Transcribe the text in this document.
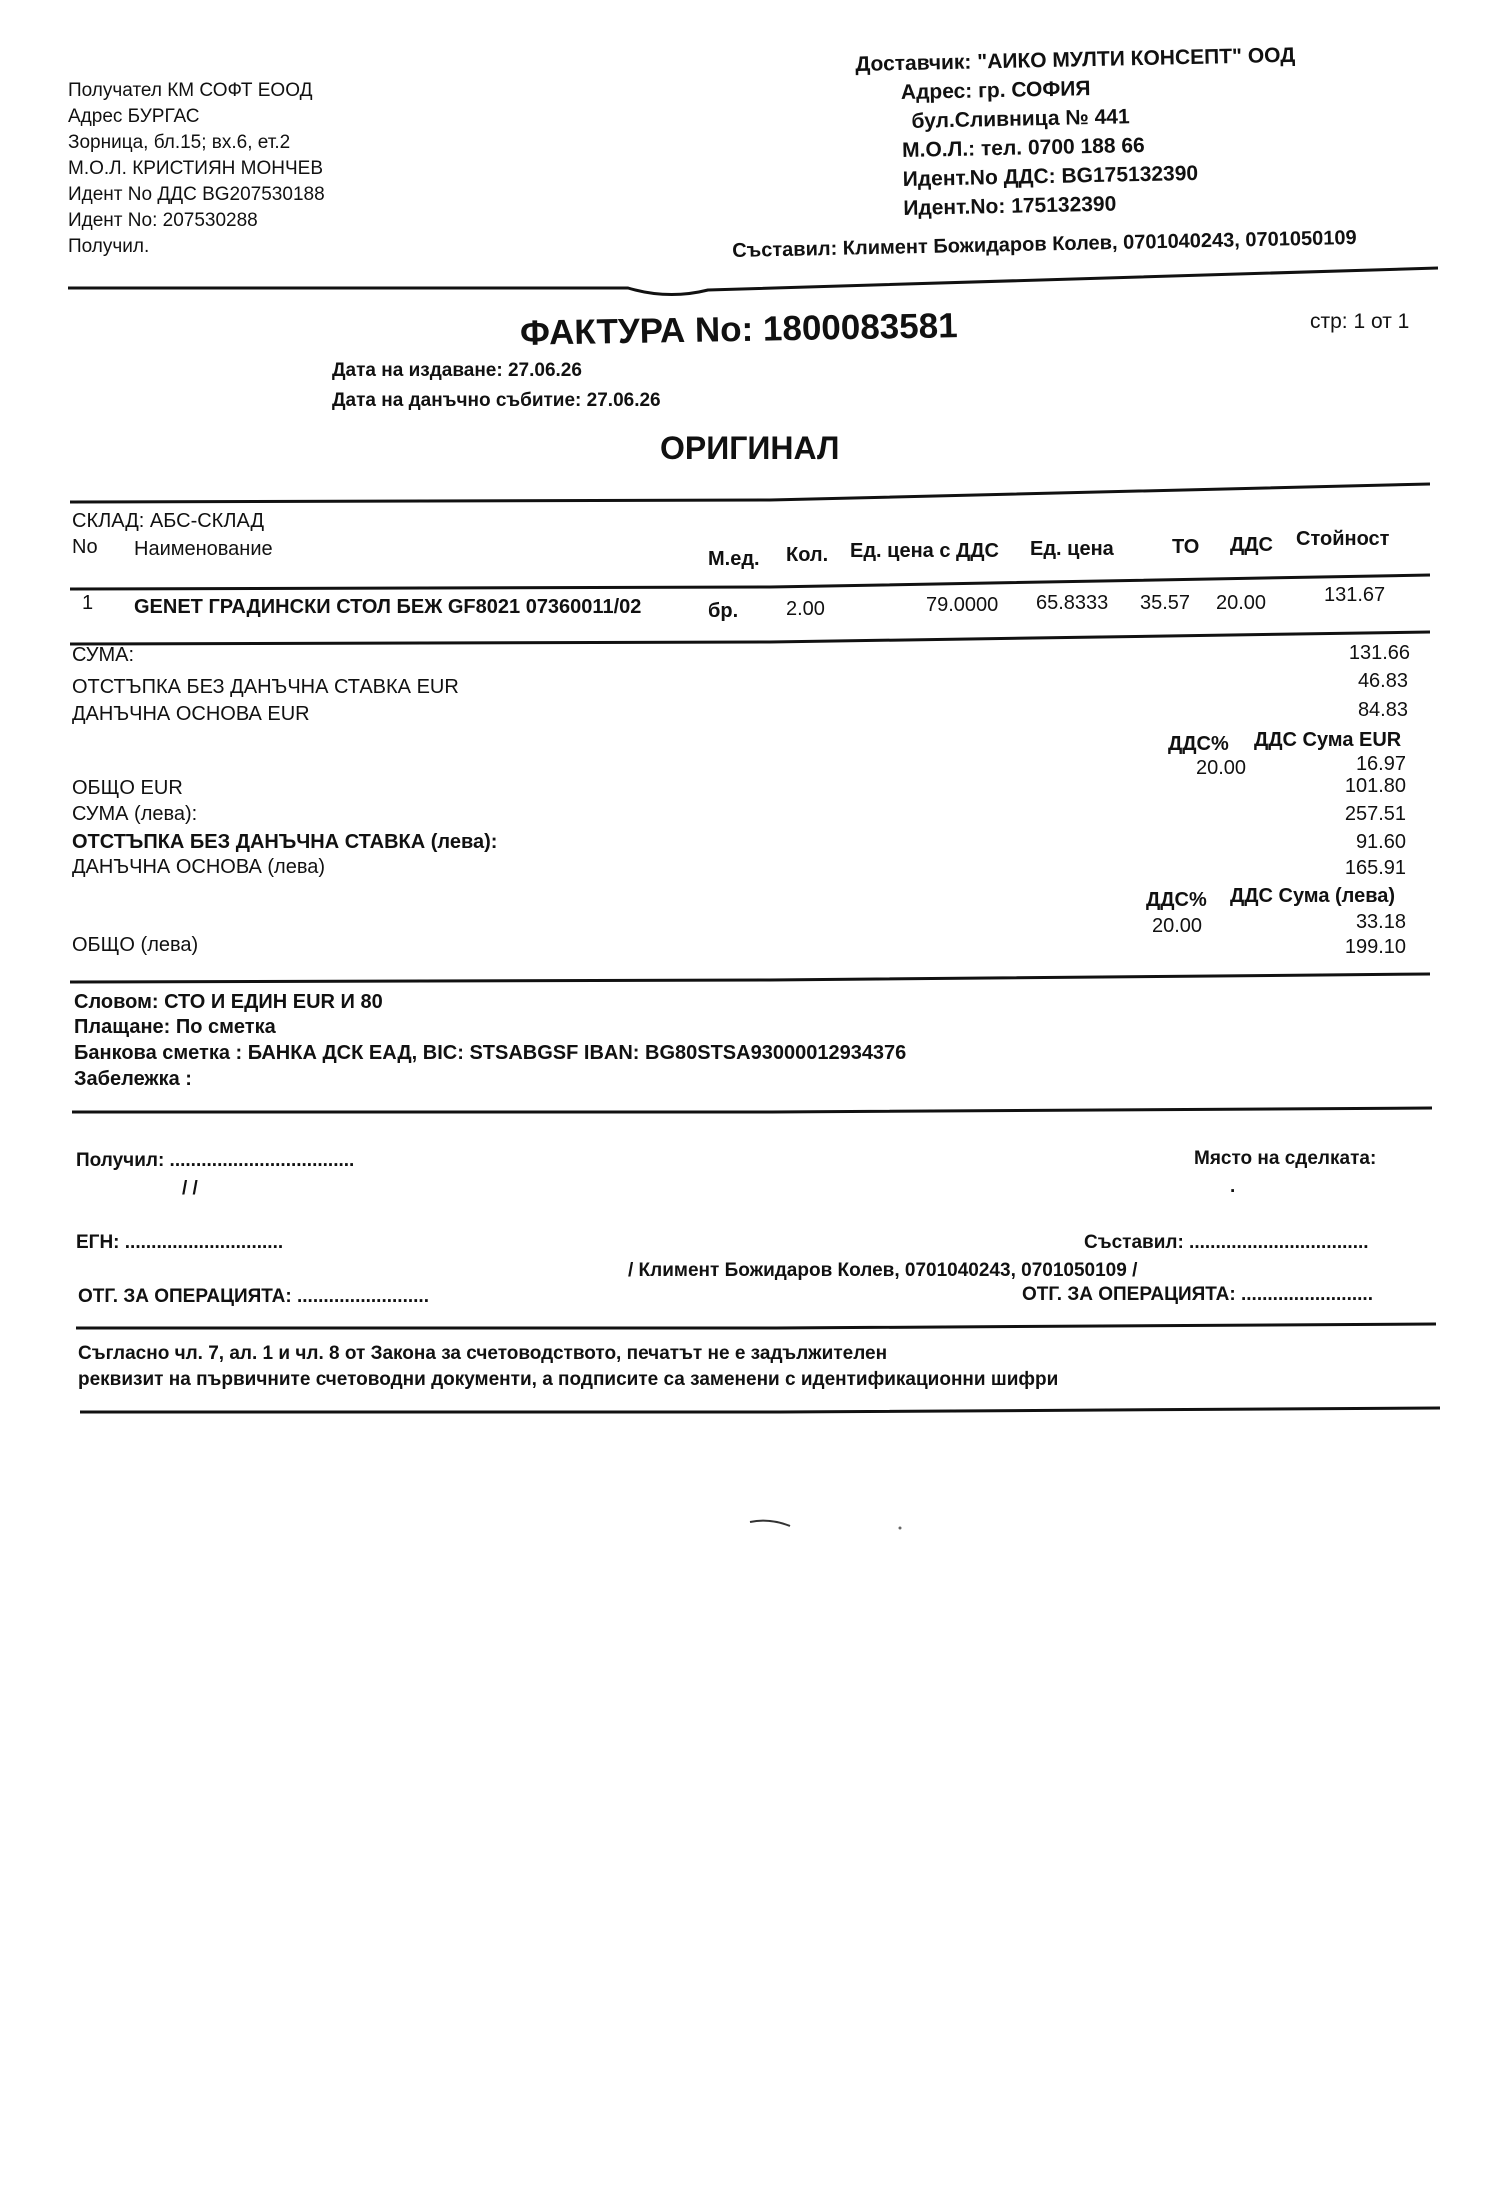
Получател КМ СОФТ ЕООД
Адрес БУРГАС
Зорница, бл.15; вх.6, ет.2
М.О.Л. КРИСТИЯН МОНЧЕВ
Идент No ДДС BG207530188
Идент No: 207530288
Получил.
Доставчик: "АИКО МУЛТИ КОНСЕПТ" ООД
Адрес: гр. СОФИЯ
бул.Сливница № 441
М.О.Л.: тел. 0700 188 66
Идент.No ДДС: BG175132390
Идент.No: 175132390
Съставил: Климент Божидаров Колев, 0701040243, 0701050109
ФАКТУРА No: 1800083581	стр: 1 от 1
Дата на издаване: 27.06.26
Дата на данъчно събитие: 27.06.26
ОРИГИНАЛ
СКЛАД: АБС-СКЛАД
No Наименование	М.ед. Кол. Ед. цена с ДДС Ед. цена	ТО ДДС Стойност
1 GENET ГРАДИНСКИ СТОЛ БЕЖ GF8021 07360011/02	бр. 2.00	79.0000 65.8333 35.57 20.00	131.67
СУМА:	131.66
ОТСТЪПКА БЕЗ ДАНЪЧНА СТАВКА EUR	46.83
ДАНЪЧНА ОСНОВА EUR	84.83
ДДС% ДДС Сума EUR
20.00	16.97
ОБЩО EUR	101.80
СУМА (лева):	257.51
ОТСТЪПКА БЕЗ ДАНЪЧНА СТАВКА (лева):	91.60
ДАНЪЧНА ОСНОВА (лева)	165.91
ДДС% ДДС Сума (лева)
20.00	33.18
ОБЩО (лева)	199.10
Словом: СТО И ЕДИН EUR И 80
Плащане: По сметка
Банкова сметка : БАНКА ДСК ЕАД, BIC: STSABGSF IBAN: BG80STSA93000012934376
Забележка :
Получил: ...................................
/ /
Място на сделката:
.
ЕГН: ..............................	Съставил: ..................................
/ Климент Божидаров Колев, 0701040243, 0701050109 /
ОТГ. ЗА ОПЕРАЦИЯТА: .........................	ОТГ. ЗА ОПЕРАЦИЯТА: .........................
Съгласно чл. 7, ал. 1 и чл. 8 от Закона за счетоводството, печатът не е задължителен
реквизит на първичните счетоводни документи, а подписите са заменени с идентификационни шифри
